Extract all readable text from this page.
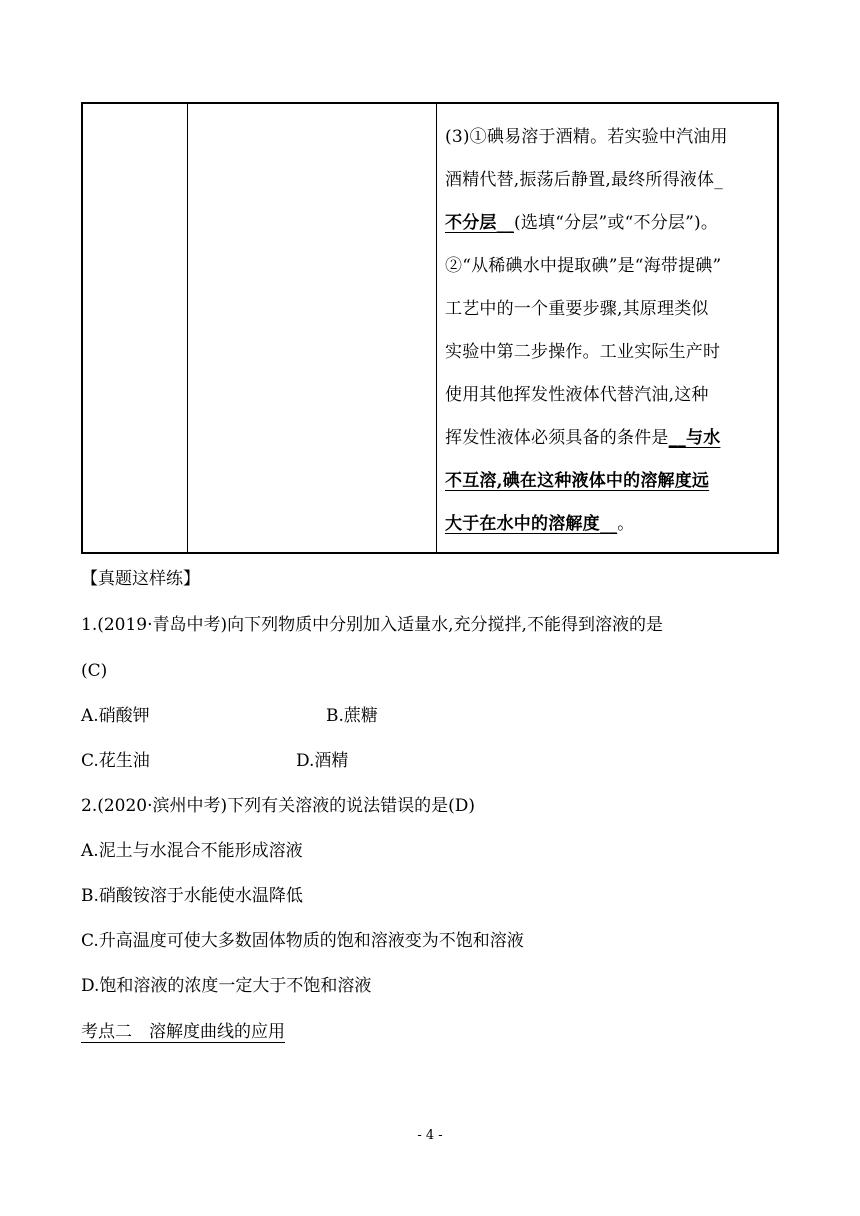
(3)①碘易溶于酒精。若实验中汽油用
酒精代替,振荡后静置,最终所得液体_
不分层__(选填“分层”或“不分层”)。
②“从稀碘水中提取碘”是“海带提碘”
工艺中的一个重要步骤,其原理类似
实验中第二步操作。工业实际生产时
使用其他挥发性液体代替汽油,这种
挥发性液体必须具备的条件是__与水
不互溶,碘在这种液体中的溶解度远
大于在水中的溶解度__。
【真题这样练】
1.(2019·青岛中考)向下列物质中分别加入适量水,充分搅拌,不能得到溶液的是
(C)
A.硝酸钾	B.蔗糖
C.花生油	D.酒精
2.(2020·滨州中考)下列有关溶液的说法错误的是(D)
A.泥土与水混合不能形成溶液
B.硝酸铵溶于水能使水温降低
C.升高温度可使大多数固体物质的饱和溶液变为不饱和溶液
D.饱和溶液的浓度一定大于不饱和溶液
考点二　溶解度曲线的应用
- 4 -
